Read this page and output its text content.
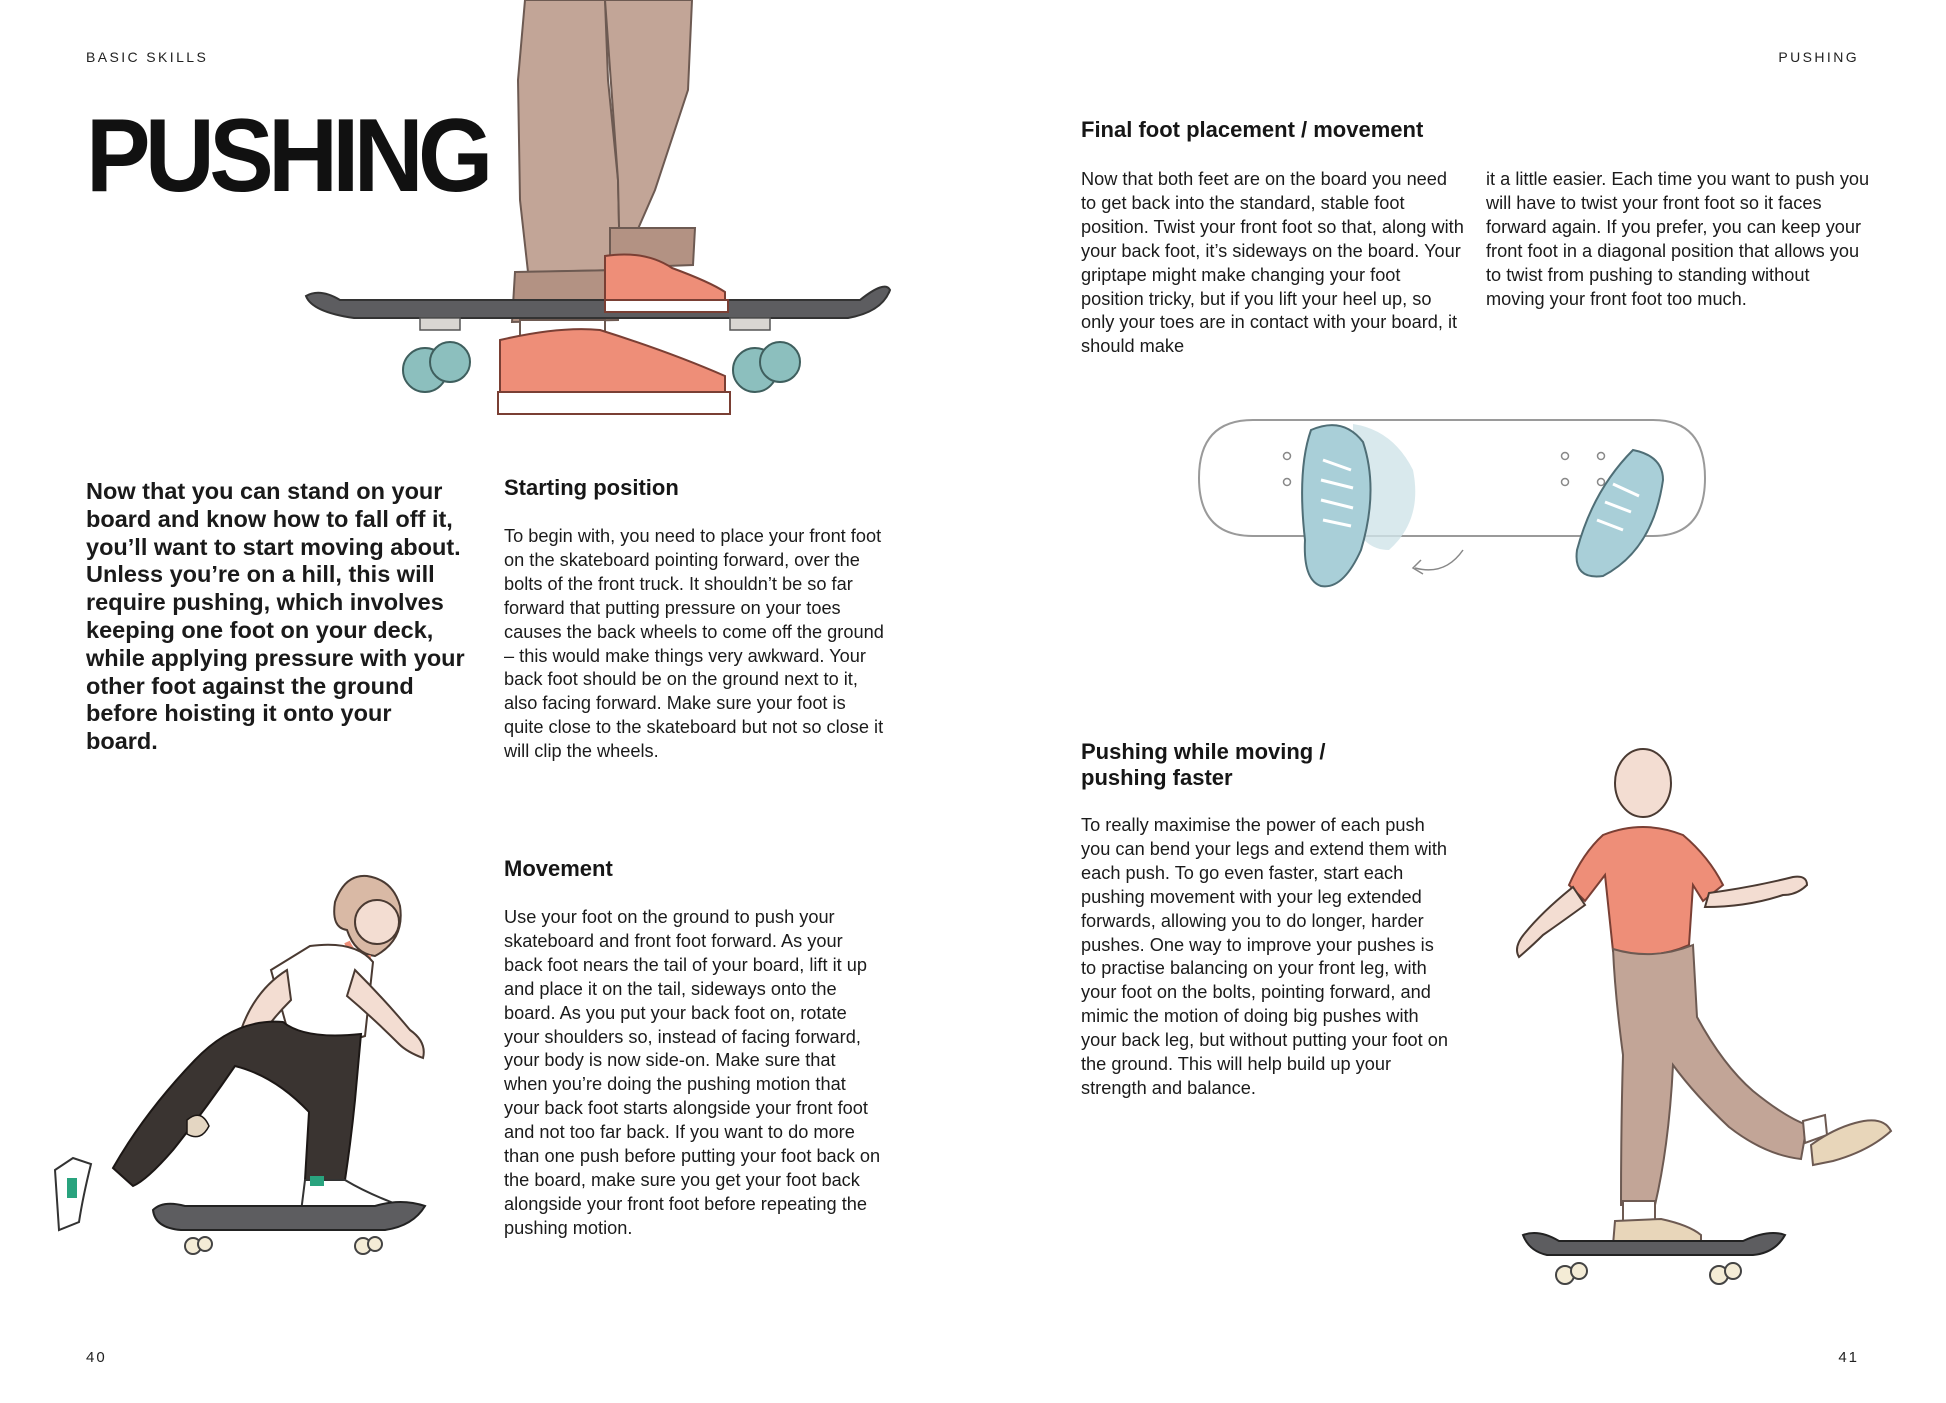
BASIC SKILLS
PUSHING

Now that you can stand on your board and know how to fall off it, you’ll want to start moving about. Unless you’re on a hill, this will require pushing, which involves keeping one foot on your deck, while applying pressure with your other foot against the ground before hoisting it onto your board.

Starting position

To begin with, you need to place your front foot on the skateboard pointing forward, over the bolts of the front truck. It shouldn’t be so far forward that putting pressure on your toes causes the back wheels to come off the ground – this would make things very awkward. Your back foot should be on the ground next to it, also facing forward. Make sure your foot is quite close to the skateboard but not so close it will clip the wheels.

Movement

Use your foot on the ground to push your skateboard and front foot forward. As your back foot nears the tail of your board, lift it up and place it on the tail, sideways onto the board. As you put your back foot on, rotate your shoulders so, instead of facing forward, your body is now side-on. Make sure that when you’re doing the pushing motion that your back foot starts alongside your front foot and not too far back. If you want to do more than one push before putting your foot back on the board, make sure you get your foot back alongside your front foot before repeating the pushing motion.

40
PUSHING
Final foot placement / movement

Now that both feet are on the board you need to get back into the standard, stable foot position. Twist your front foot so that, along with your back foot, it’s sideways on the board. Your griptape might make changing your foot position tricky, but if you lift your heel up, so only your toes are in contact with your board, it should make

it a little easier. Each time you want to push you will have to twist your front foot so it faces forward again. If you prefer, you can keep your front foot in a diagonal position that allows you to twist from pushing to standing without moving your front foot too much.

Pushing while moving /
pushing faster

To really maximise the power of each push you can bend your legs and extend them with each push. To go even faster, start each pushing movement with your leg extended forwards, allowing you to do longer, harder pushes. One way to improve your pushes is to practise balancing on your front leg, with your foot on the bolts, pointing forward, and mimic the motion of doing big pushes with your back leg, but without putting your foot on the ground. This will help build up your strength and balance.

41
